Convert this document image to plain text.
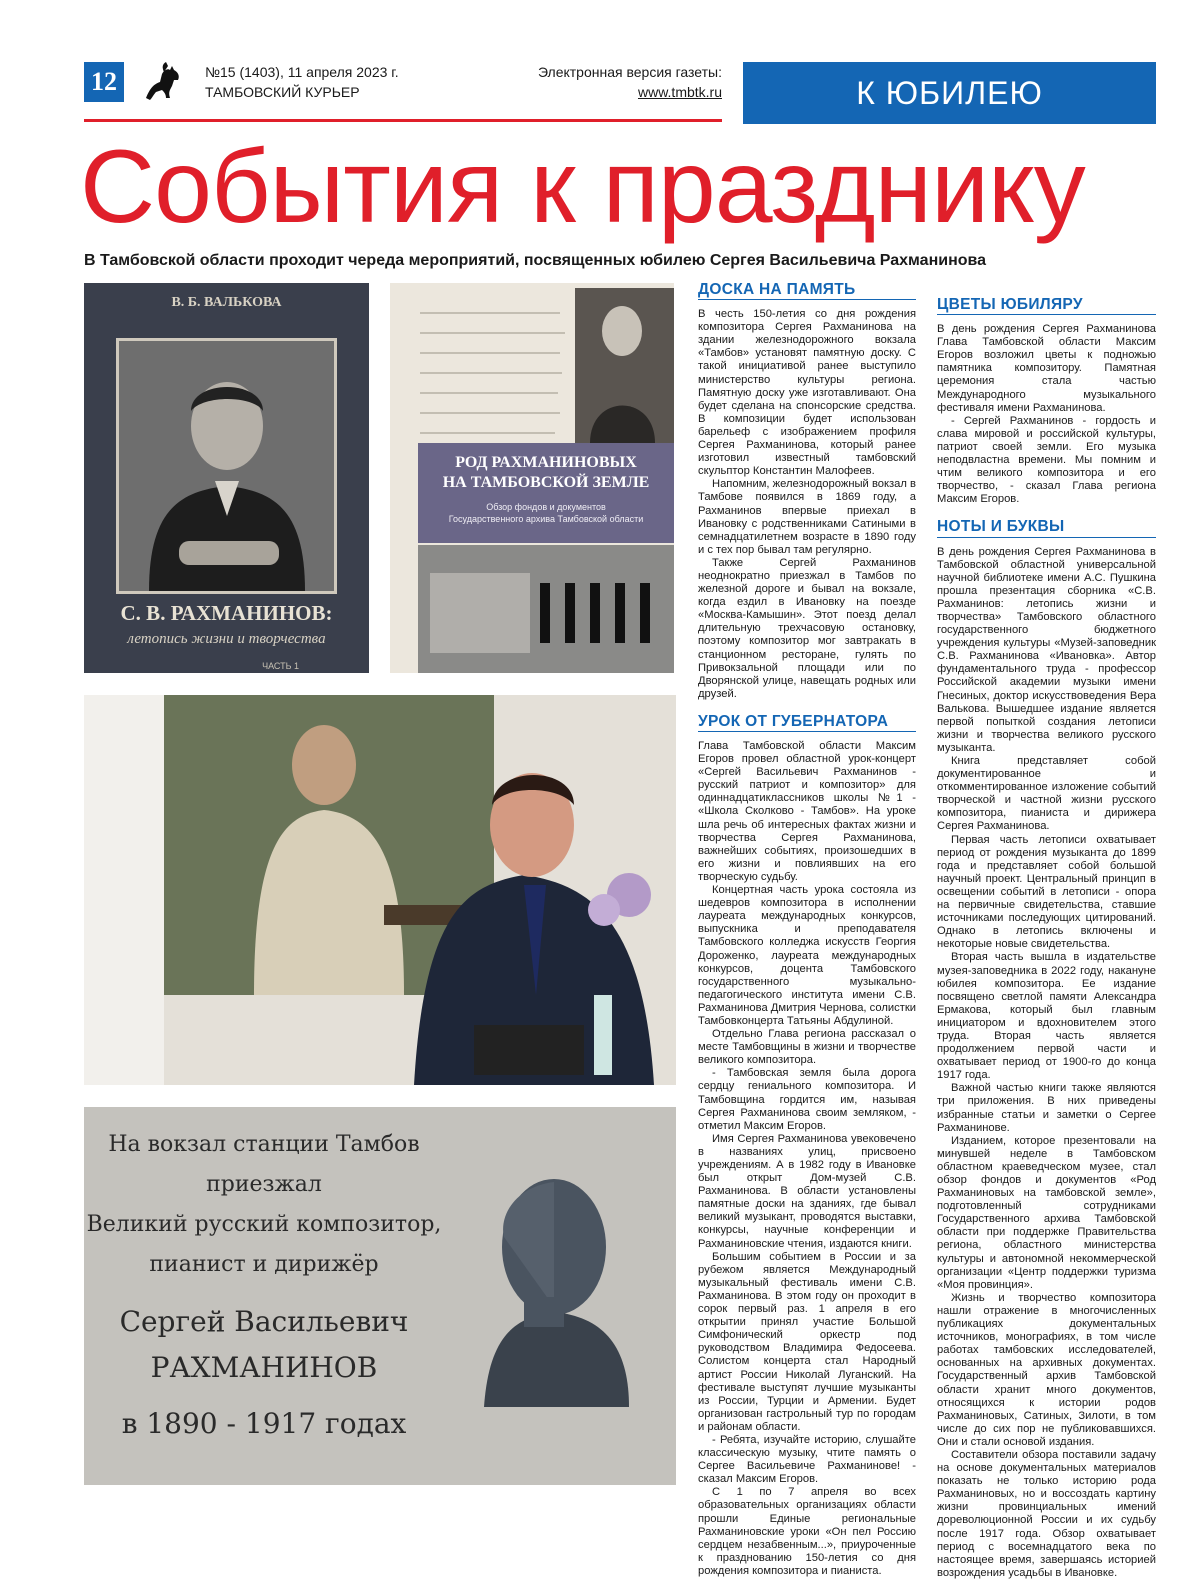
12	№15 (1403), 11 апреля 2023 г.
ТАМБОВСКИЙ КУРЬЕР
Электронная версия газеты:
www.tmbtk.ru	К ЮБИЛЕЮ
События к празднику
В Тамбовской области проходит череда мероприятий, посвященных юбилею Сергея Васильевича Рахманинова
В. Б. ВАЛЬКОВА
С. В. РАХМАНИНОВ:
летопись жизни и творчества
ЧАСТЬ 1
РОД РАХМАНИНОВЫХ
НА ТАМБОВСКОЙ ЗЕМЛЕ
Обзор фондов и документов
Государственного архива Тамбовской области
На вокзал станции Тамбов
приезжал
Великий русский композитор,
пианист и дирижёр
Сергей Васильевич
РАХМАНИНОВ
в 1890 - 1917 годах
ДОСКА НА ПАМЯТЬ

В честь 150-летия со дня рождения композитора Сергея Рахманинова на здании железнодорожного вокзала «Тамбов» установят памятную доску. С такой инициативой ранее выступило министерство культуры региона. Памятную доску уже изготавливают. Она будет сделана на спонсорские средства. В композиции будет использован барельеф с изображением профиля Сергея Рахманинова, который ранее изготовил известный тамбовский скульптор Константин Малофеев.

Напомним, железнодорожный вокзал в Тамбове появился в 1869 году, а Рахманинов впервые приехал в Ивановку с родственниками Сатиными в семнадцатилетнем возрасте в 1890 году и с тех пор бывал там регулярно.

Также Сергей Рахманинов неоднократно приезжал в Тамбов по железной дороге и бывал на вокзале, когда ездил в Ивановку на поезде «Москва-Камышин». Этот поезд делал длительную трехчасовую остановку, поэтому композитор мог завтракать в станционном ресторане, гулять по Привокзальной площади или по Дворянской улице, навещать родных или друзей.

УРОК ОТ ГУБЕРНАТОРА

Глава Тамбовской области Максим Егоров провел областной урок-концерт «Сергей Васильевич Рахманинов - русский патриот и композитор» для одиннадцатиклассников школы №1 - «Школа Сколково - Тамбов». На уроке шла речь об интересных фактах жизни и творчества Сергея Рахманинова, важнейших событиях, произошедших в его жизни и повлиявших на его творческую судьбу.

Концертная часть урока состояла из шедевров композитора в исполнении лауреата международных конкурсов, выпускника и преподавателя Тамбовского колледжа искусств Георгия Дороженко, лауреата международных конкурсов, доцента Тамбовского государственного музыкально-педагогического института имени С.В. Рахманинова Дмитрия Чернова, солистки Тамбовконцерта Татьяны Абдулиной.

Отдельно Глава региона рассказал о месте Тамбовщины в жизни и творчестве великого композитора.

- Тамбовская земля была дорога сердцу гениального композитора. И Тамбовщина гордится им, называя Сергея Рахманинова своим земляком, - отметил Максим Егоров.

Имя Сергея Рахманинова увековечено в названиях улиц, присвоено учреждениям. А в 1982 году в Ивановке был открыт Дом-музей С.В. Рахманинова. В области установлены памятные доски на зданиях, где бывал великий музыкант, проводятся выставки, конкурсы, научные конференции и Рахманиновские чтения, издаются книги.

Большим событием в России и за рубежом является Международный музыкальный фестиваль имени С.В. Рахманинова. В этом году он проходит в сорок первый раз. 1 апреля в его открытии принял участие Большой Симфонический оркестр под руководством Владимира Федосеева. Солистом концерта стал Народный артист России Николай Луганский. На фестивале выступят лучшие музыканты из России, Турции и Армении. Будет организован гастрольный тур по городам и районам области.

- Ребята, изучайте историю, слушайте классическую музыку, чтите память о Сергее Васильевиче Рахманинове! - сказал Максим Егоров.

С 1 по 7 апреля во всех образовательных организациях области прошли Единые региональные Рахманиновские уроки «Он пел Россию сердцем незабвенным...», приуроченные к празднованию 150-летия со дня рождения композитора и пианиста.

ЦВЕТЫ ЮБИЛЯРУ

В день рождения Сергея Рахманинова Глава Тамбовской области Максим Егоров возложил цветы к подножью памятника композитору. Памятная церемония стала частью Международного музыкального фестиваля имени Рахманинова.

- Сергей Рахманинов - гордость и слава мировой и российской культуры, патриот своей земли. Его музыка неподвластна времени. Мы помним и чтим великого композитора и его творчество, - сказал Глава региона Максим Егоров.

НОТЫ И БУКВЫ

В день рождения Сергея Рахманинова в Тамбовской областной универсальной научной библиотеке имени А.С. Пушкина прошла презентация сборника «С.В. Рахманинов: летопись жизни и творчества» Тамбовского областного государственного бюджетного учреждения культуры «Музей-заповедник С.В. Рахманинова «Ивановка». Автор фундаментального труда - профессор Российской академии музыки имени Гнесиных, доктор искусствоведения Вера Валькова. Вышедшее издание является первой попыткой создания летописи жизни и творчества великого русского музыканта.

Книга представляет собой документированное и откомментированное изложение событий творческой и частной жизни русского композитора, пианиста и дирижера Сергея Рахманинова.

Первая часть летописи охватывает период от рождения музыканта до 1899 года и представляет собой большой научный проект. Центральный принцип в освещении событий в летописи - опора на первичные свидетельства, ставшие источниками последующих цитирований. Однако в летопись включены и некоторые новые свидетельства.

Вторая часть вышла в издательстве музея-заповедника в 2022 году, накануне юбилея композитора. Ее издание посвящено светлой памяти Александра Ермакова, который был главным инициатором и вдохновителем этого труда. Вторая часть является продолжением первой части и охватывает период от 1900-го до конца 1917 года.

Важной частью книги также являются три приложения. В них приведены избранные статьи и заметки о Сергее Рахманинове.

Изданием, которое презентовали на минувшей неделе в Тамбовском областном краеведческом музее, стал обзор фондов и документов «Род Рахманиновых на тамбовской земле», подготовленный сотрудниками Государственного архива Тамбовской области при поддержке Правительства региона, областного министерства культуры и автономной некоммерческой организации «Центр поддержки туризма «Моя провинция».

Жизнь и творчество композитора нашли отражение в многочисленных публикациях документальных источников, монографиях, в том числе работах тамбовских исследователей, основанных на архивных документах. Государственный архив Тамбовской области хранит много документов, относящихся к истории родов Рахманиновых, Сатиных, Зилоти, в том числе до сих пор не публиковавшихся. Они и стали основой издания.

Составители обзора поставили задачу на основе документальных материалов показать не только историю рода Рахманиновых, но и воссоздать картину жизни провинциальных имений дореволюционной России и их судьбу после 1917 года. Обзор охватывает период с восемнадцатого века по настоящее время, завершаясь историей возрождения усадьбы в Ивановке.
